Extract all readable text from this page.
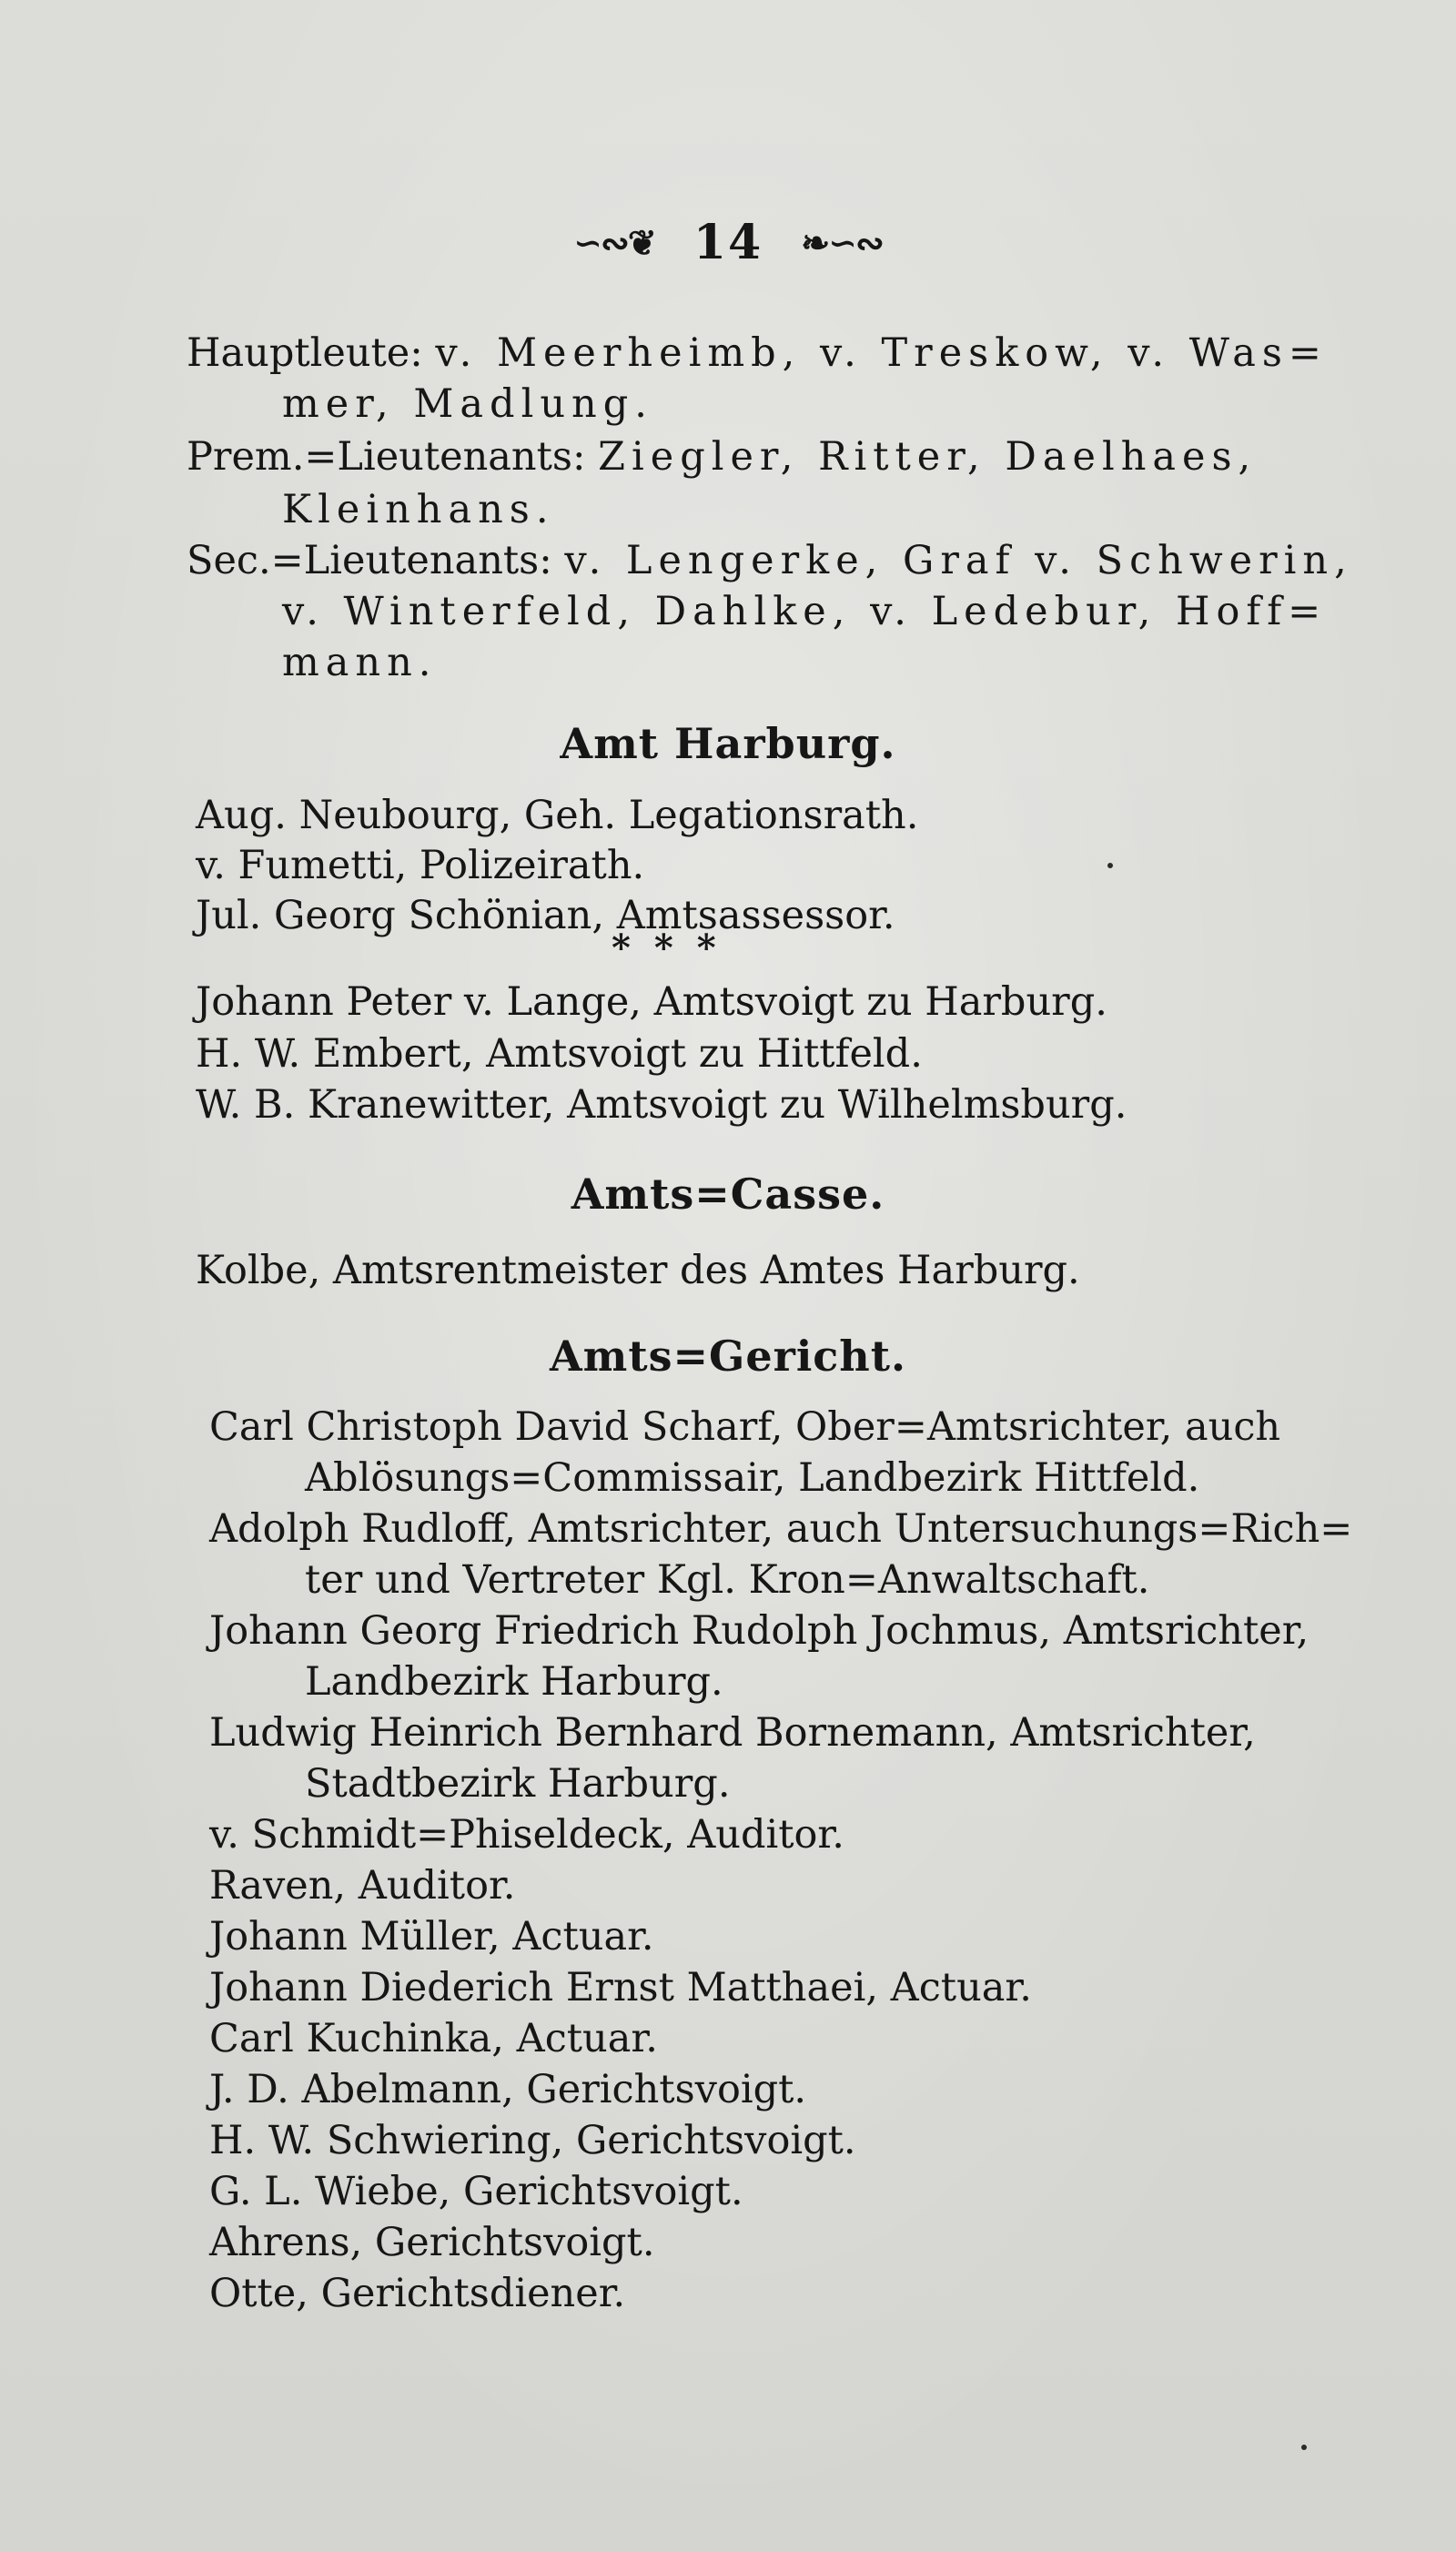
∽∾❦ 14 ❧∽∾
Hauptleute: v. Meerheimb, v. Treskow, v. Was=
mer, Madlung.
Prem.=Lieutenants: Ziegler, Ritter, Daelhaes,
Kleinhans.
Sec.=Lieutenants: v. Lengerke, Graf v. Schwerin,
v. Winterfeld, Dahlke, v. Ledebur, Hoff=
mann.
Amt Harburg.
Aug. Neubourg, Geh. Legationsrath.
v. Fumetti, Polizeirath.
Jul. Georg Schönian, Amtsassessor.
* * *
Johann Peter v. Lange, Amtsvoigt zu Harburg.
H. W. Embert, Amtsvoigt zu Hittfeld.
W. B. Kranewitter, Amtsvoigt zu Wilhelmsburg.
Amts=Casse.
Kolbe, Amtsrentmeister des Amtes Harburg.
Amts=Gericht.
Carl Christoph David Scharf, Ober=Amtsrichter, auch
Ablösungs=Commissair, Landbezirk Hittfeld.
Adolph Rudloff, Amtsrichter, auch Untersuchungs=Rich=
ter und Vertreter Kgl. Kron=Anwaltschaft.
Johann Georg Friedrich Rudolph Jochmus, Amtsrichter,
Landbezirk Harburg.
Ludwig Heinrich Bernhard Bornemann, Amtsrichter,
Stadtbezirk Harburg.
v. Schmidt=Phiseldeck, Auditor.
Raven, Auditor.
Johann Müller, Actuar.
Johann Diederich Ernst Matthaei, Actuar.
Carl Kuchinka, Actuar.
J. D. Abelmann, Gerichtsvoigt.
H. W. Schwiering, Gerichtsvoigt.
G. L. Wiebe, Gerichtsvoigt.
Ahrens, Gerichtsvoigt.
Otte, Gerichtsdiener.
